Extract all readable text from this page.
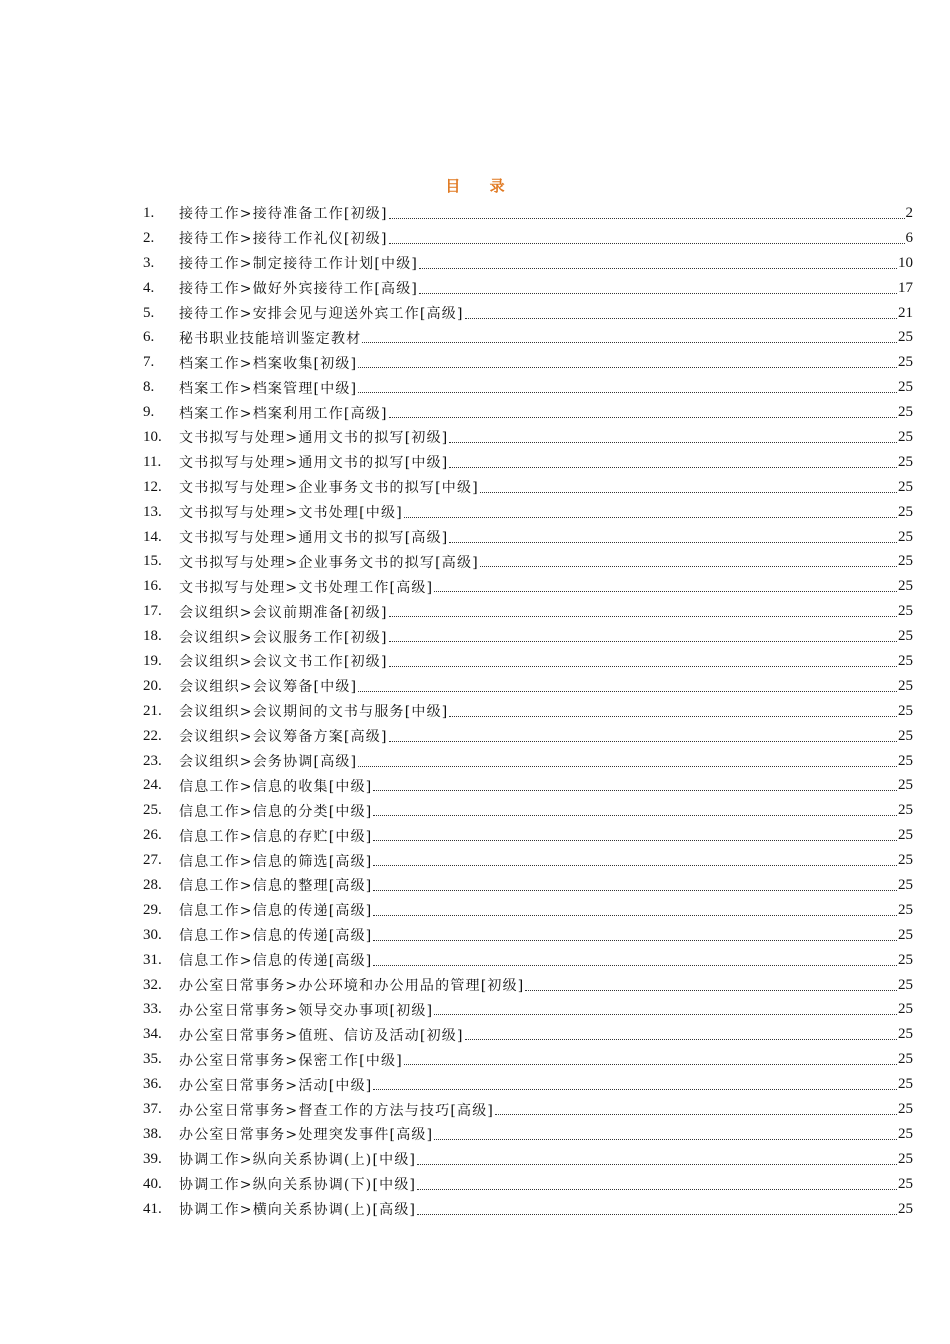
目 录
1.	接待工作>接待准备工作[初级]	2
2.	接待工作>接待工作礼仪[初级]	6
3.	接待工作>制定接待工作计划[中级]	10
4.	接待工作>做好外宾接待工作[高级]	17
5.	接待工作>安排会见与迎送外宾工作[高级]	21
6.	秘书职业技能培训鉴定教材	25
7.	档案工作>档案收集[初级]	25
8.	档案工作>档案管理[中级]	25
9.	档案工作>档案利用工作[高级]	25
10.	文书拟写与处理>通用文书的拟写[初级]	25
11.	文书拟写与处理>通用文书的拟写[中级]	25
12.	文书拟写与处理>企业事务文书的拟写[中级]	25
13.	文书拟写与处理>文书处理[中级]	25
14.	文书拟写与处理>通用文书的拟写[高级]	25
15.	文书拟写与处理>企业事务文书的拟写[高级]	25
16.	文书拟写与处理>文书处理工作[高级]	25
17.	会议组织>会议前期准备[初级]	25
18.	会议组织>会议服务工作[初级]	25
19.	会议组织>会议文书工作[初级]	25
20.	会议组织>会议筹备[中级]	25
21.	会议组织>会议期间的文书与服务[中级]	25
22.	会议组织>会议筹备方案[高级]	25
23.	会议组织>会务协调[高级]	25
24.	信息工作>信息的收集[中级]	25
25.	信息工作>信息的分类[中级]	25
26.	信息工作>信息的存贮[中级]	25
27.	信息工作>信息的筛选[高级]	25
28.	信息工作>信息的整理[高级]	25
29.	信息工作>信息的传递[高级]	25
30.	信息工作>信息的传递[高级]	25
31.	信息工作>信息的传递[高级]	25
32.	办公室日常事务>办公环境和办公用品的管理[初级]	25
33.	办公室日常事务>领导交办事项[初级]	25
34.	办公室日常事务>值班、信访及活动[初级]	25
35.	办公室日常事务>保密工作[中级]	25
36.	办公室日常事务>活动[中级]	25
37.	办公室日常事务>督查工作的方法与技巧[高级]	25
38.	办公室日常事务>处理突发事件[高级]	25
39.	协调工作>纵向关系协调(上)[中级]	25
40.	协调工作>纵向关系协调(下)[中级]	25
41.	协调工作>横向关系协调(上)[高级]	25
